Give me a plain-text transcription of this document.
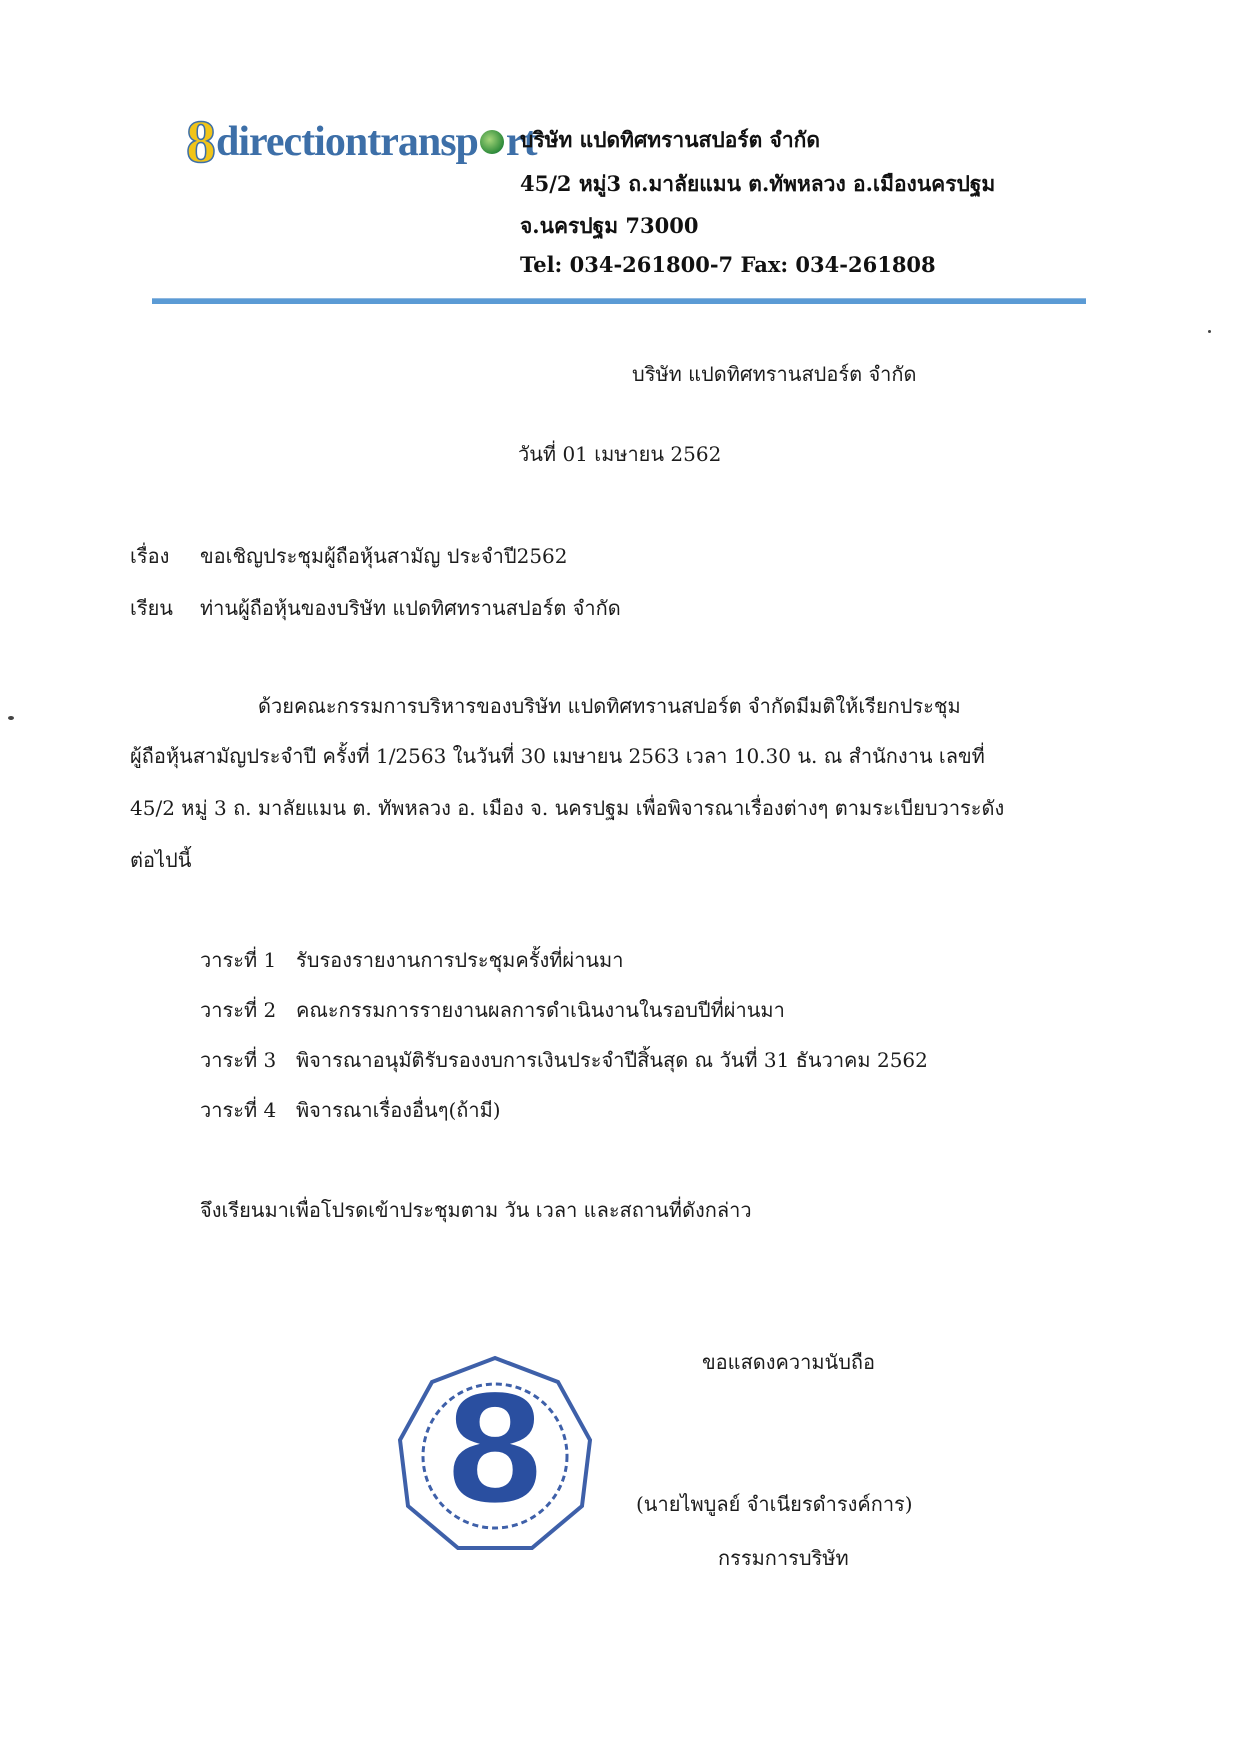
8 directiontransp rt
บริษัท แปดทิศทรานสปอร์ต จำกัด
45/2 หมู่3 ถ.มาลัยแมน ต.ทัพหลวง อ.เมืองนครปฐม
จ.นครปฐม 73000
Tel: 034-261800-7 Fax: 034-261808
บริษัท แปดทิศทรานสปอร์ต จำกัด
วันที่ 01 เมษายน 2562
เรื่อง ขอเชิญประชุมผู้ถือหุ้นสามัญ ประจำปี2562
เรียน ท่านผู้ถือหุ้นของบริษัท แปดทิศทรานสปอร์ต จำกัด
ด้วยคณะกรรมการบริหารของบริษัท แปดทิศทรานสปอร์ต จำกัดมีมติให้เรียกประชุม
ผู้ถือหุ้นสามัญประจำปี ครั้งที่ 1/2563 ในวันที่ 30 เมษายน 2563 เวลา 10.30 น. ณ สำนักงาน เลขที่
45/2 หมู่ 3 ถ. มาลัยแมน ต. ทัพหลวง อ. เมือง จ. นครปฐม เพื่อพิจารณาเรื่องต่างๆ ตามระเบียบวาระดัง
ต่อไปนี้
วาระที่ 1 รับรองรายงานการประชุมครั้งที่ผ่านมา
วาระที่ 2 คณะกรรมการรายงานผลการดำเนินงานในรอบปีที่ผ่านมา
วาระที่ 3 พิจารณาอนุมัติรับรองงบการเงินประจำปีสิ้นสุด ณ วันที่ 31 ธันวาคม 2562
วาระที่ 4 พิจารณาเรื่องอื่นๆ(ถ้ามี)
จึงเรียนมาเพื่อโปรดเข้าประชุมตาม วัน เวลา และสถานที่ดังกล่าว
ขอแสดงความนับถือ
8	(นายไพบูลย์ จำเนียรดำรงค์การ)
กรรมการบริษัท
